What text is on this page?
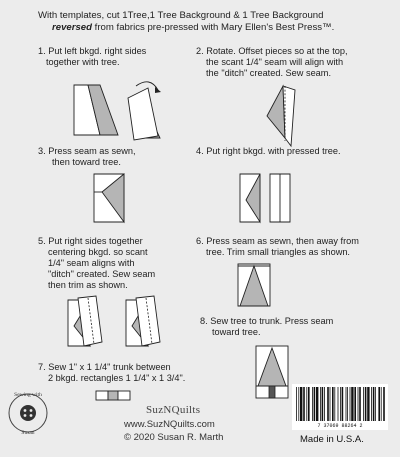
With templates, cut 1Tree,1 Tree Background & 1 Tree Background
reversed from fabrics pre-pressed with Mary Ellen's Best Press™.
1. Put left bkgd. right sides
together with tree.
2. Rotate. Offset pieces so at the top,
the scant 1/4" seam will align with
the "ditch" created. Sew seam.
3. Press seam as sewn,
then toward tree.
4. Put right bkgd. with pressed tree.
5. Put right sides together
centering bkgd. so scant
1/4" seam aligns with
"ditch" created. Sew seam
then trim as shown.
6. Press seam as sewn, then away from
tree. Trim small triangles as shown.
8. Sew tree to trunk. Press seam
toward tree.
7. Sew 1" x 1 1/4" trunk between
2 bkgd. rectangles 1 1/4" x 1 3/4".
Sewing with
Susan
SuzNQuilts
www.SuzNQuilts.com
© 2020 Susan R. Marth
7 37069 88264 2
Made in U.S.A.
